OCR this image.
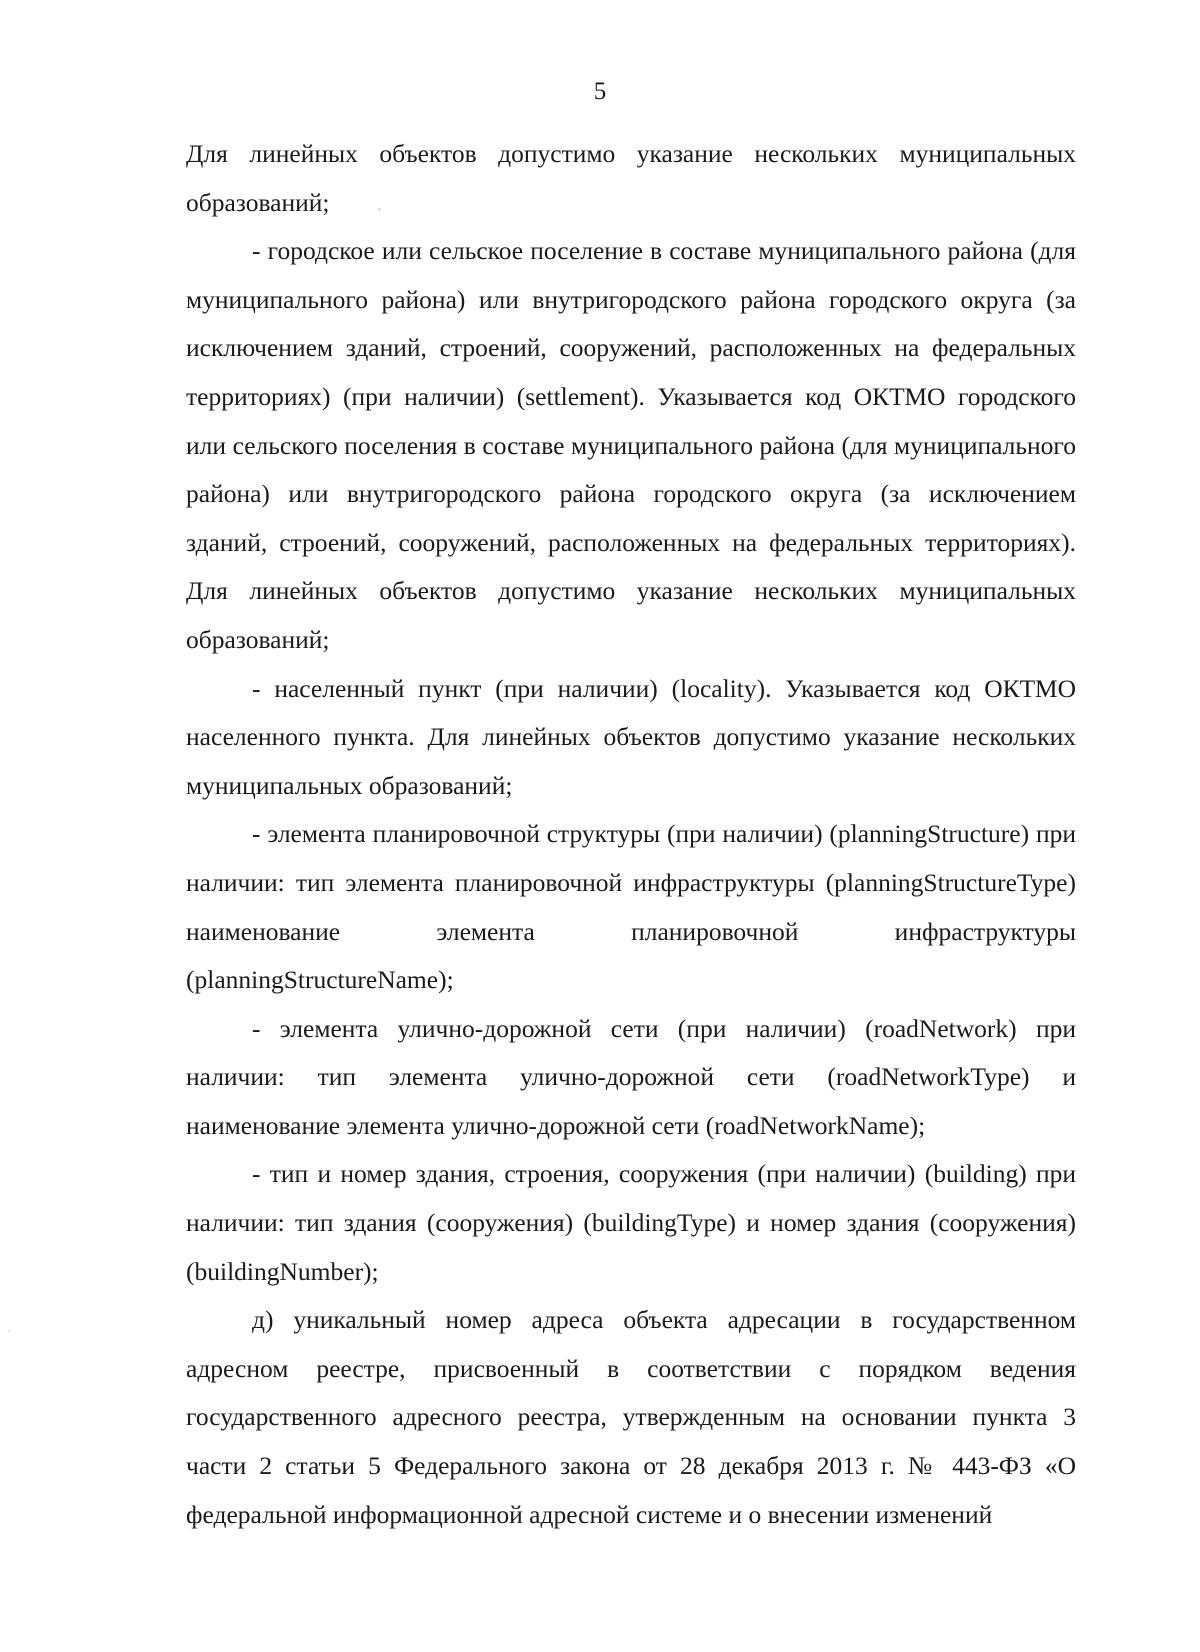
5

Для линейных объектов допустимо указание нескольких муниципальных образований;

- городское или сельское поселение в составе муниципального района (для муниципального района) или внутригородского района городского округа (за исключением зданий, строений, сооружений, расположенных на федеральных территориях) (при наличии) (settlement). Указывается код ОКТМО городского или сельского поселения в составе муниципального района (для муниципального района) или внутригородского района городского округа (за исключением зданий, строений, сооружений, расположенных на федеральных территориях). Для линейных объектов допустимо указание нескольких муниципальных образований;

- населенный пункт (при наличии) (locality). Указывается код ОКТМО населенного пункта. Для линейных объектов допустимо указание нескольких муниципальных образований;

- элемента планировочной структуры (при наличии) (planningStructure) при наличии: тип элемента планировочной инфраструктуры (planningStructureType) наименование элемента планировочной инфраструктуры (planningStructureName);

- элемента улично-дорожной сети (при наличии) (roadNetwork) при наличии: тип элемента улично-дорожной сети (roadNetworkType) и наименование элемента улично-дорожной сети (roadNetworkName);

- тип и номер здания, строения, сооружения (при наличии) (building) при наличии: тип здания (сооружения) (buildingType) и номер здания (сооружения) (buildingNumber);

д) уникальный номер адреса объекта адресации в государственном адресном реестре, присвоенный в соответствии с порядком ведения государственного адресного реестра, утвержденным на основании пункта 3 части 2 статьи 5 Федерального закона от 28 декабря 2013 г. № 443-ФЗ «О федеральной информационной адресной системе и о внесении изменений
